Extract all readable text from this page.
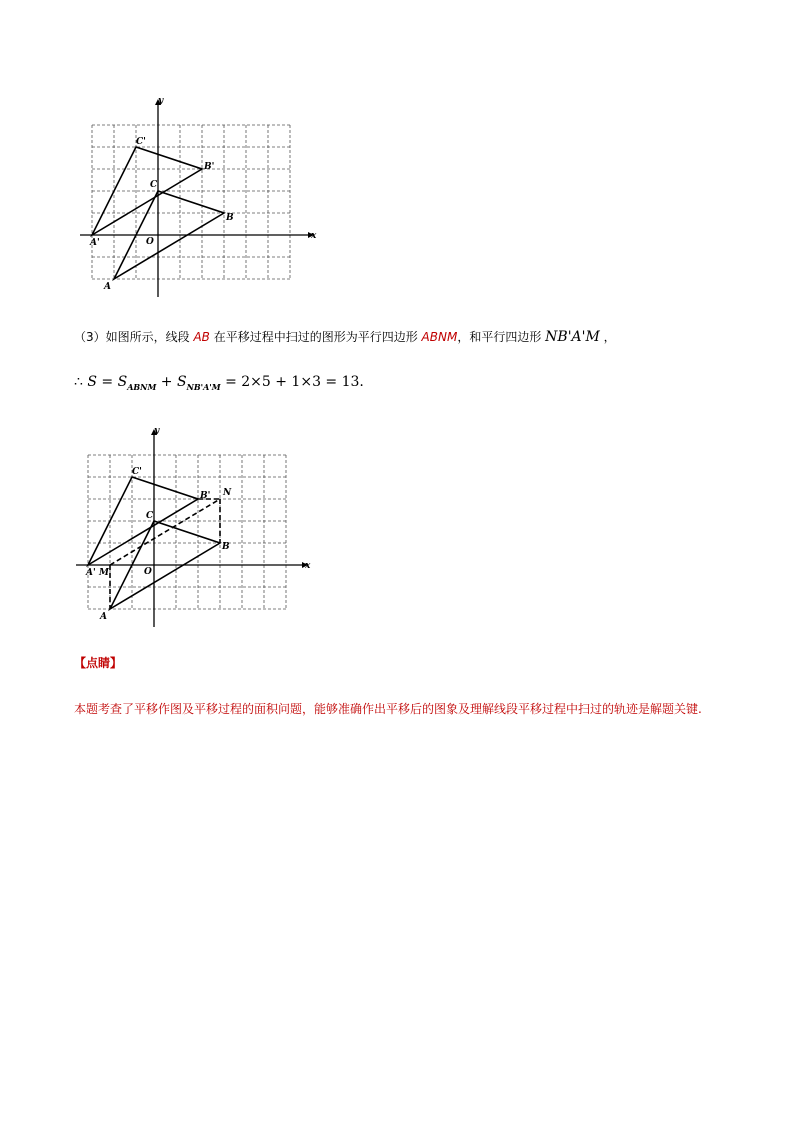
y
x
O
A
B
C
A'
B'
C'
（3）如图所示，线段 AB 在平移过程中扫过的图形为平行四边形 ABNM，和平行四边形 NB'A'M ，
∴ $S = S_{ABNM} + S_{NB'A'M} = 2\times 5 + 1\times 3 = 13$.
y
x
O
A
B
C
A' M
B' N
C'
【点睛】
本题考查了平移作图及平移过程的面积问题，能够准确作出平移后的图象及理解线段平移过程中扫过的轨迹是解题关键.
